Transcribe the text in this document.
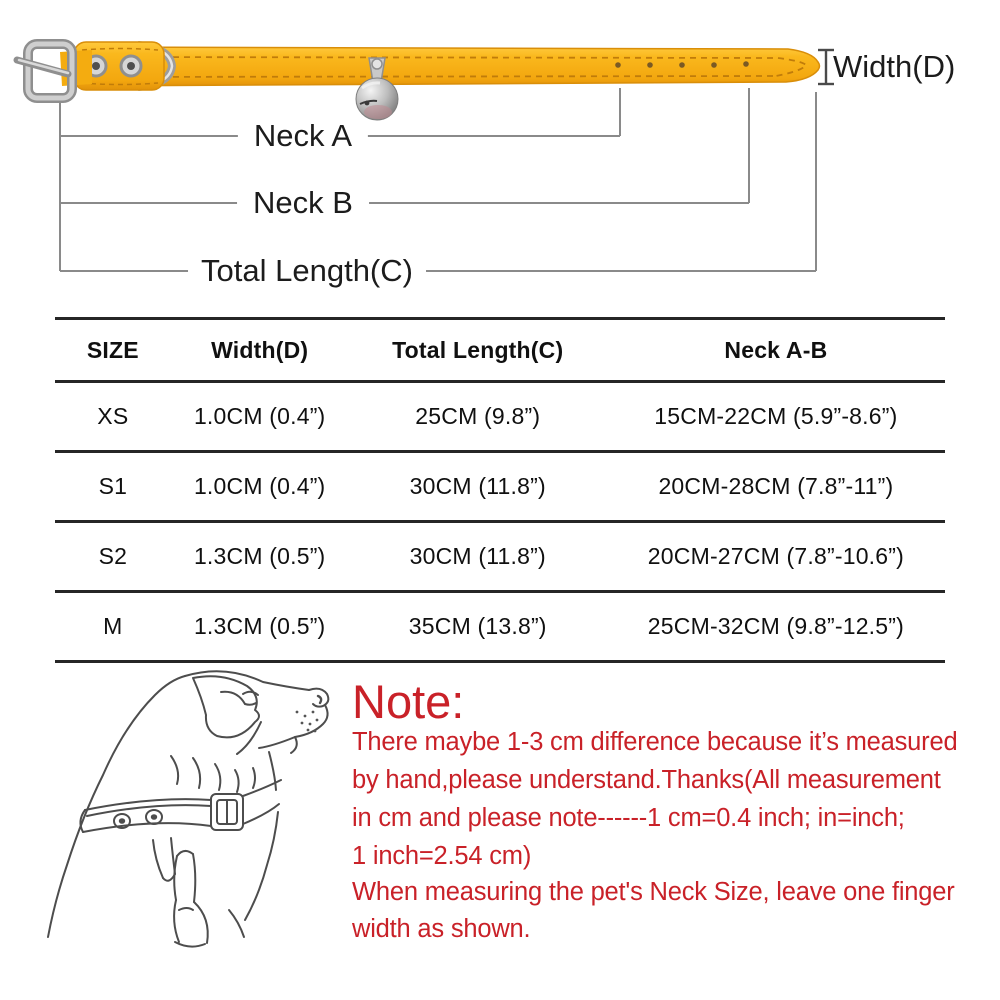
Neck A
Neck B
Total Length(C)
Width(D)
SIZE	Width(D)	Total Length(C)	Neck A-B
XS	1.0CM (0.4”)	25CM (9.8”)	15CM-22CM (5.9”-8.6”)
S1	1.0CM (0.4”)	30CM (11.8”)	20CM-28CM (7.8”-11”)
S2	1.3CM (0.5”)	30CM (11.8”)	20CM-27CM (7.8”-10.6”)
M	1.3CM (0.5”)	35CM (13.8”)	25CM-32CM (9.8”-12.5”)
Note:
There maybe 1-3 cm difference because it’s measured
by hand,please understand.Thanks(All measurement
in cm and please note------1 cm=0.4 inch; in=inch;
1 inch=2.54 cm)
When measuring the pet's Neck Size, leave one finger
width as shown.
